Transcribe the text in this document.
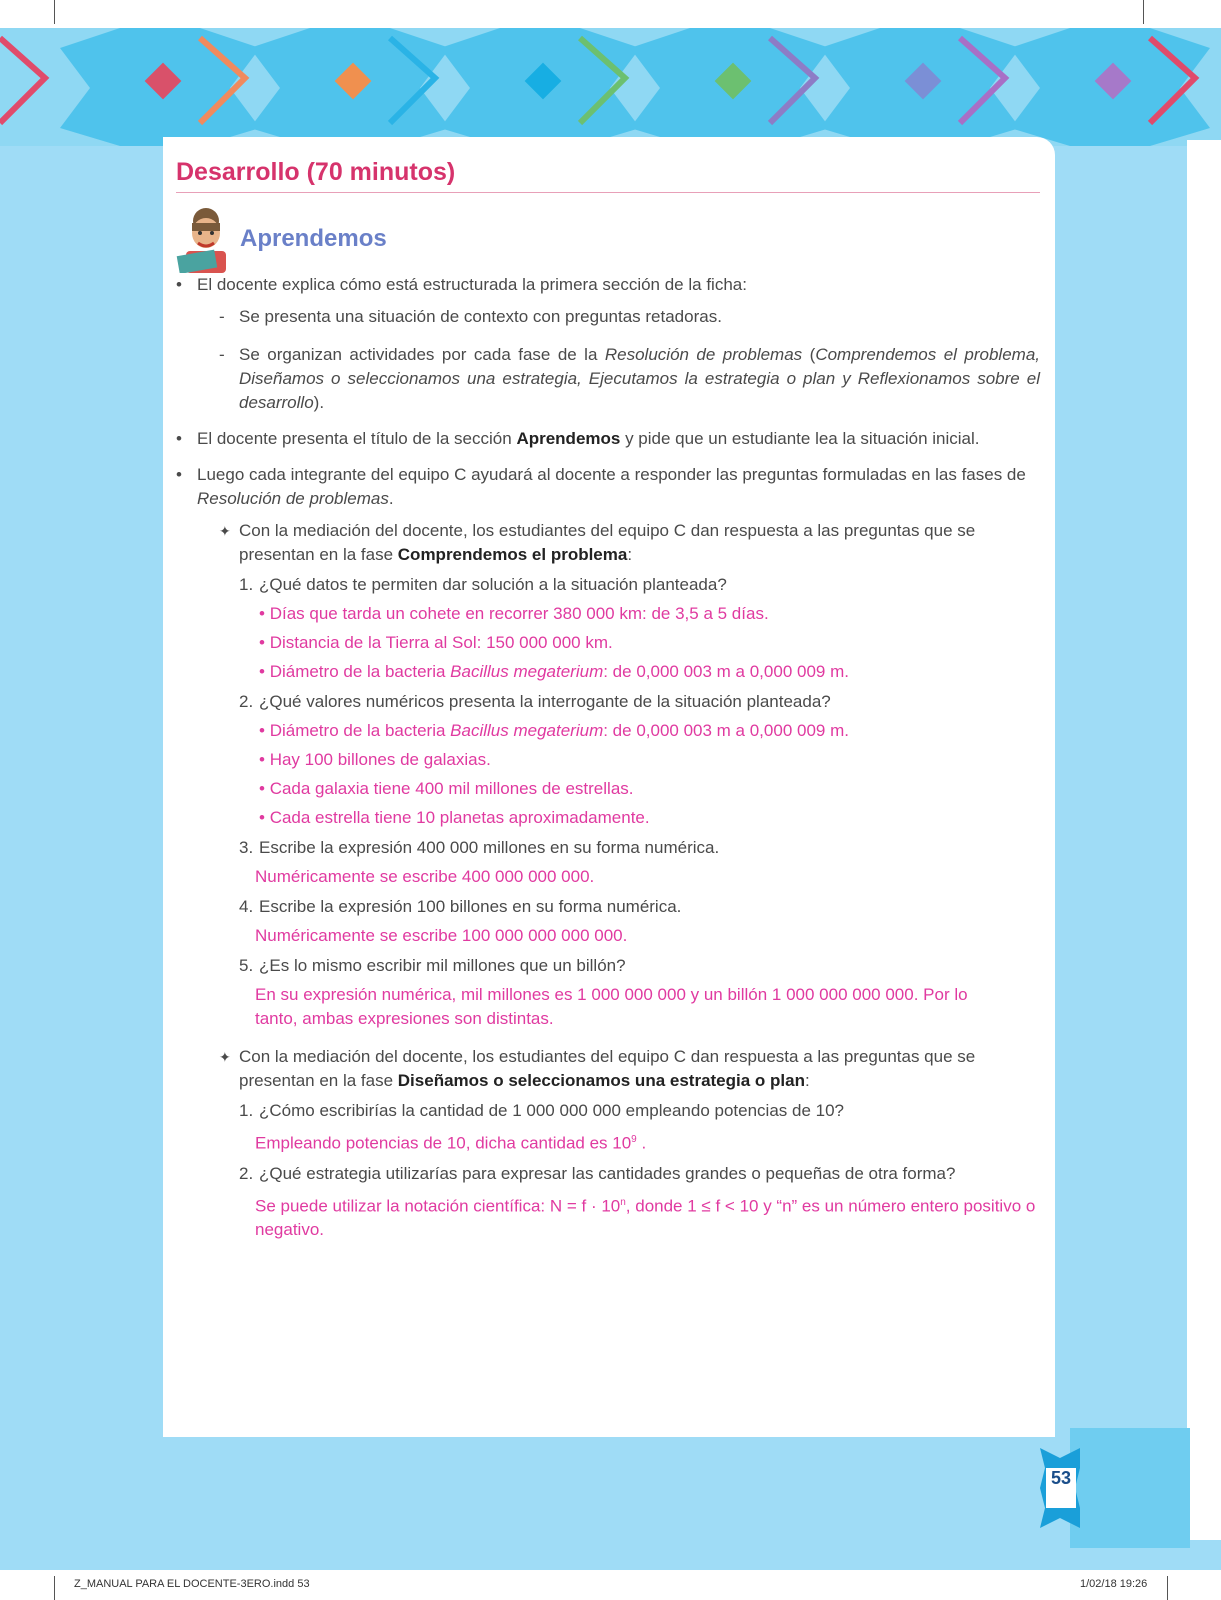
Desarrollo (70 minutos)
Aprendemos
• El docente explica cómo está estructurada la primera sección de la ficha:
- Se presenta una situación de contexto con preguntas retadoras.
- Se organizan actividades por cada fase de la Resolución de problemas (Comprendemos el problema, Diseñamos o seleccionamos una estrategia, Ejecutamos la estrategia o plan y Reflexionamos sobre el desarrollo).
• El docente presenta el título de la sección Aprendemos y pide que un estudiante lea la situación inicial.
• Luego cada integrante del equipo C ayudará al docente a responder las preguntas formuladas en las fases de Resolución de problemas.
✦ Con la mediación del docente, los estudiantes del equipo C dan respuesta a las preguntas que se presentan en la fase Comprendemos el problema:
1. ¿Qué datos te permiten dar solución a la situación planteada?
• Días que tarda un cohete en recorrer 380 000 km: de 3,5 a 5 días.
• Distancia de la Tierra al Sol: 150 000 000 km.
• Diámetro de la bacteria Bacillus megaterium: de 0,000 003 m a 0,000 009 m.
2. ¿Qué valores numéricos presenta la interrogante de la situación planteada?
• Diámetro de la bacteria Bacillus megaterium: de 0,000 003 m a 0,000 009 m.
• Hay 100 billones de galaxias.
• Cada galaxia tiene 400 mil millones de estrellas.
• Cada estrella tiene 10 planetas aproximadamente.
3. Escribe la expresión 400 000 millones en su forma numérica.
Numéricamente se escribe 400 000 000 000.
4. Escribe la expresión 100 billones en su forma numérica.
Numéricamente se escribe 100 000 000 000 000.
5. ¿Es lo mismo escribir mil millones que un billón?
En su expresión numérica, mil millones es 1 000 000 000 y un billón 1 000 000 000 000. Por lo tanto, ambas expresiones son distintas.
✦ Con la mediación del docente, los estudiantes del equipo C dan respuesta a las preguntas que se presentan en la fase Diseñamos o seleccionamos una estrategia o plan:
1. ¿Cómo escribirías la cantidad de 1 000 000 000 empleando potencias de 10?
Empleando potencias de 10, dicha cantidad es $10^9$ .
2. ¿Qué estrategia utilizarías para expresar las cantidades grandes o pequeñas de otra forma?
Se puede utilizar la notación científica: $N = f \cdot 10^n$, donde 1 ≤ f < 10 y “n” es un número entero positivo o negativo.
53
Z_MANUAL PARA EL DOCENTE-3ERO.indd 53	1/02/18 19:26
